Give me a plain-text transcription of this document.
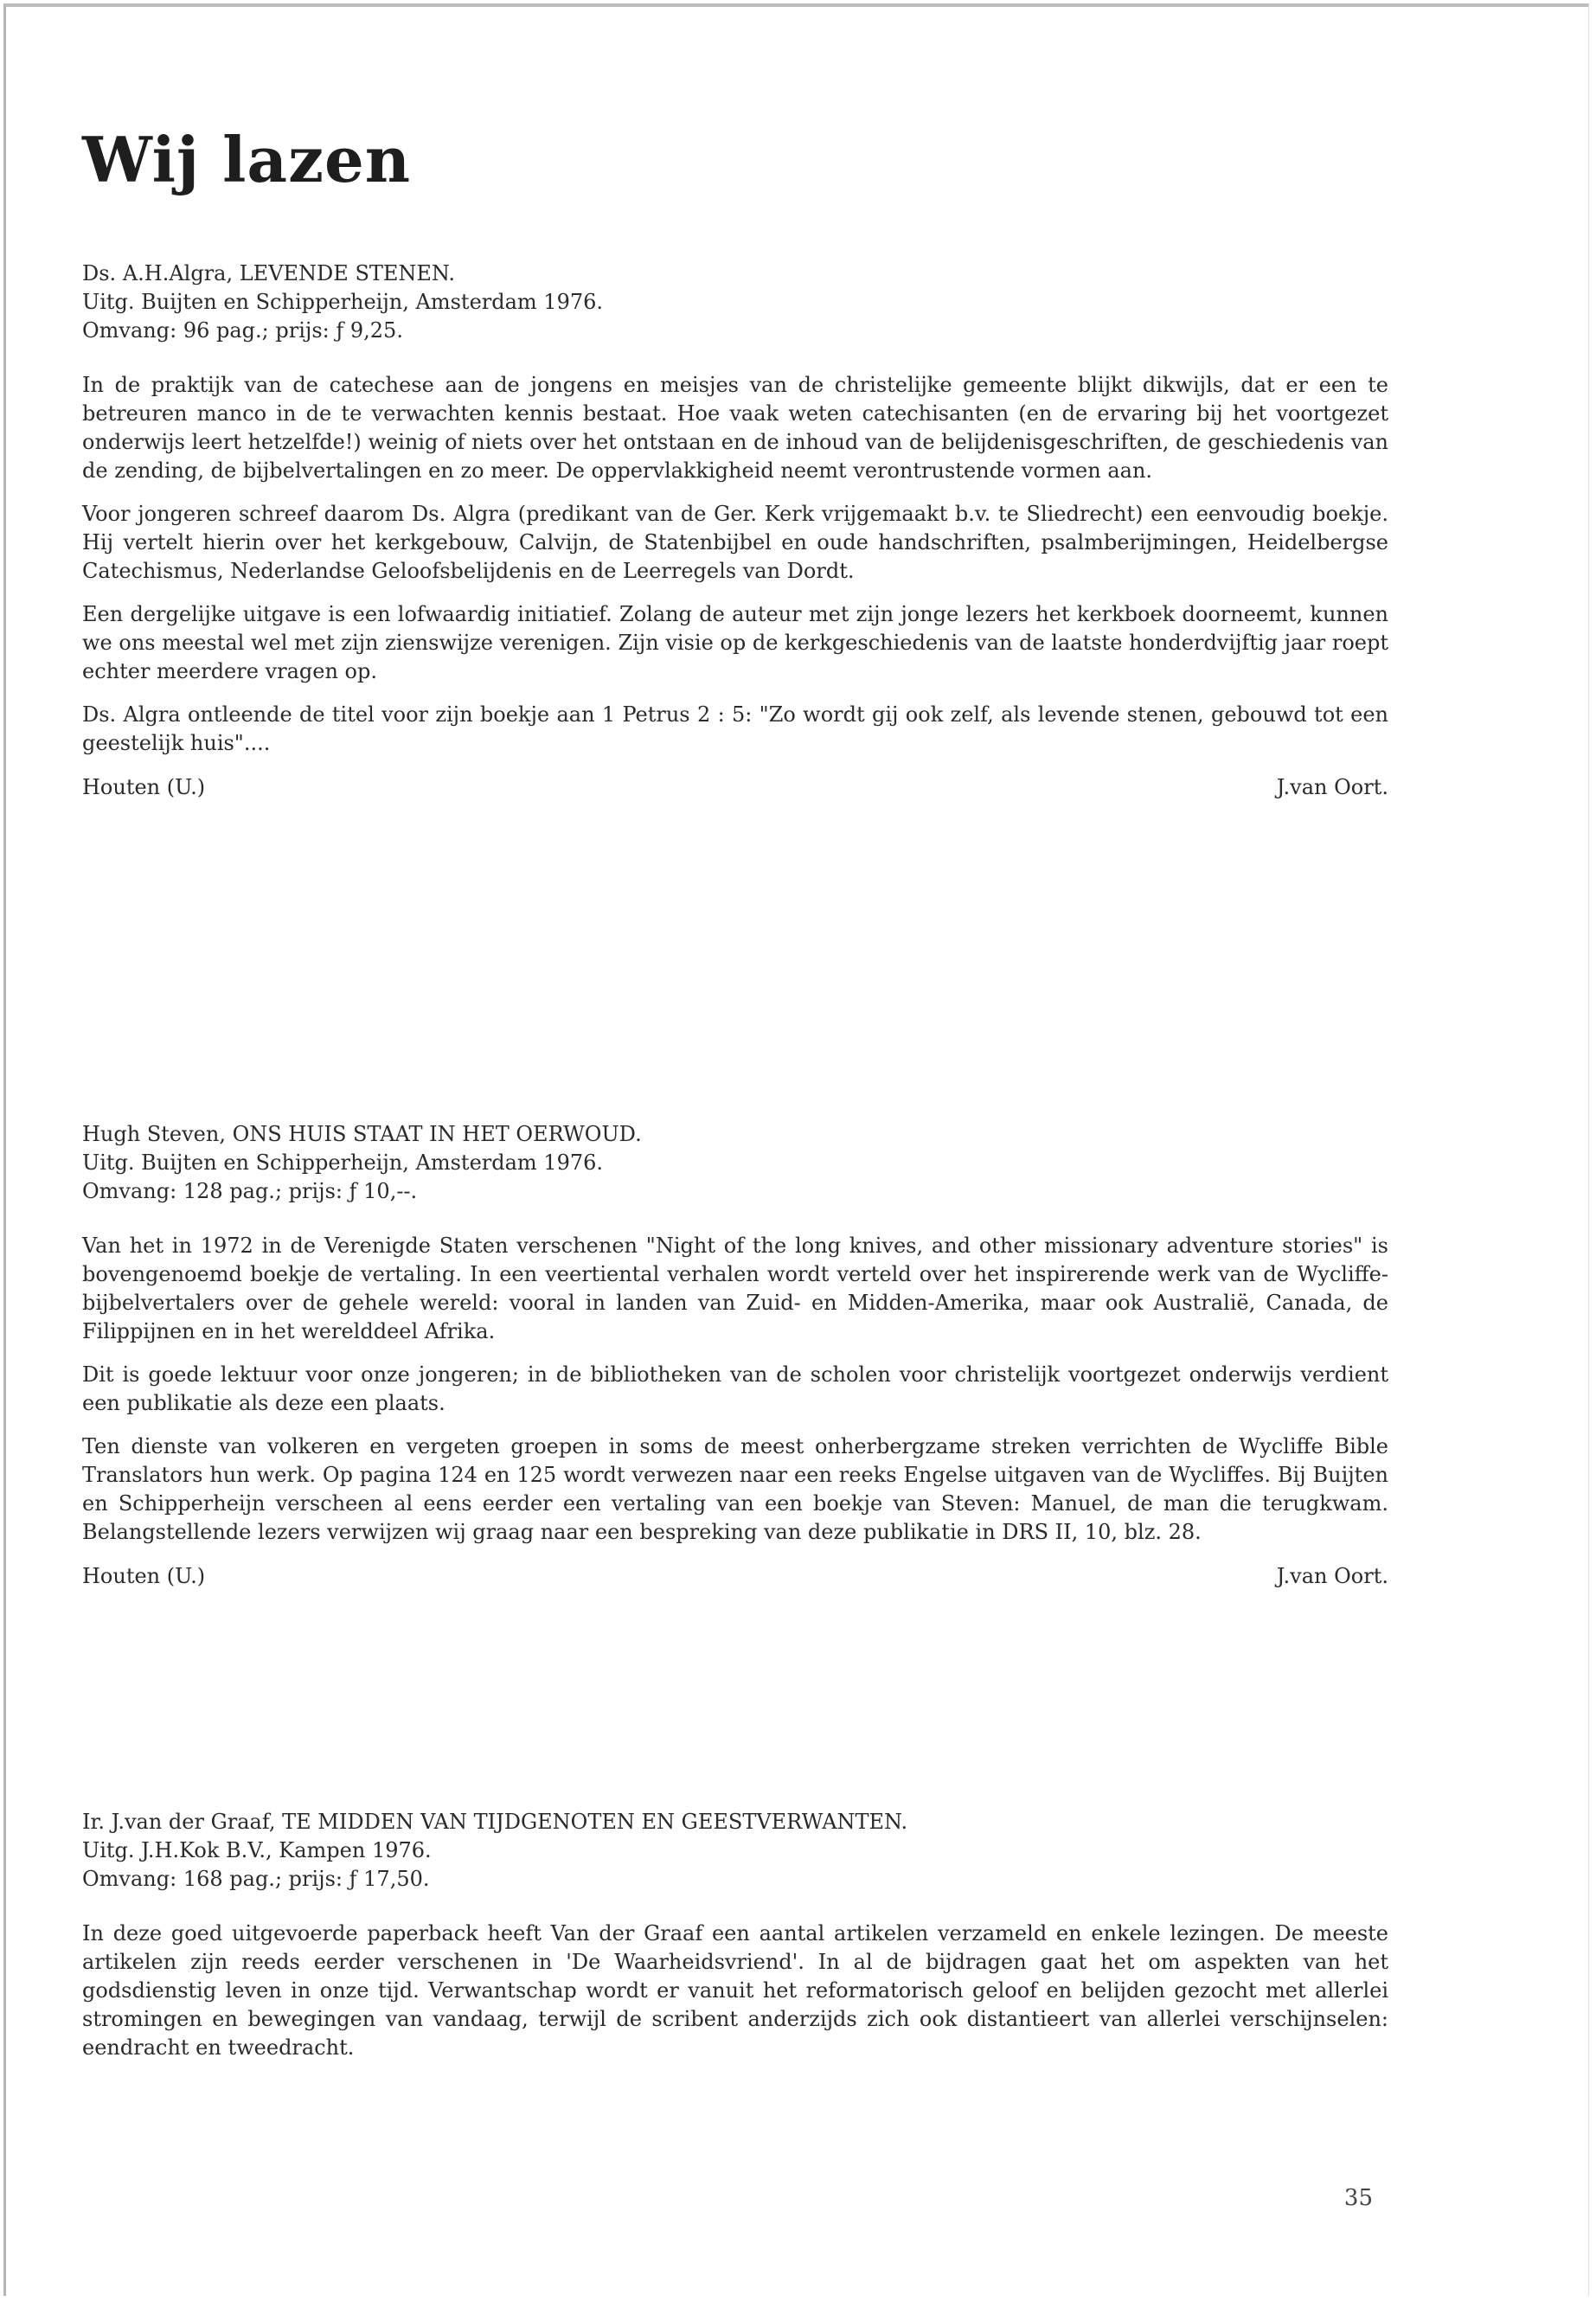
Wij lazen

Ds. A.H.Algra, LEVENDE STENEN.

Uitg. Buijten en Schipperheijn, Amsterdam 1976.

Omvang: 96 pag.; prijs: ƒ 9,25.

In de praktijk van de catechese aan de jongens en meisjes van de christelijke gemeente blijkt dikwijls, dat er een te betreuren manco in de te verwachten kennis bestaat. Hoe vaak weten catechisanten (en de ervaring bij het voortgezet onderwijs leert hetzelfde!) weinig of niets over het ontstaan en de inhoud van de belijdenisgeschriften, de geschiedenis van de zending, de bijbelvertalingen en zo meer. De oppervlakkigheid neemt verontrustende vormen aan.

Voor jongeren schreef daarom Ds. Algra (predikant van de Ger. Kerk vrijgemaakt b.v. te Sliedrecht) een eenvoudig boekje. Hij vertelt hierin over het kerkgebouw, Calvijn, de Statenbijbel en oude handschriften, psalmberijmingen, Heidelbergse Catechismus, Nederlandse Geloofsbelijdenis en de Leerregels van Dordt.

Een dergelijke uitgave is een lofwaardig initiatief. Zolang de auteur met zijn jonge lezers het kerkboek doorneemt, kunnen we ons meestal wel met zijn zienswijze verenigen. Zijn visie op de kerkgeschiedenis van de laatste honderdvijftig jaar roept echter meerdere vragen op.

Ds. Algra ontleende de titel voor zijn boekje aan 1 Petrus 2 : 5: "Zo wordt gij ook zelf, als levende stenen, gebouwd tot een geestelijk huis"....

Houten (U.)	J.van Oort.

Hugh Steven, ONS HUIS STAAT IN HET OERWOUD.

Uitg. Buijten en Schipperheijn, Amsterdam 1976.

Omvang: 128 pag.; prijs: ƒ 10,--.

Van het in 1972 in de Verenigde Staten verschenen "Night of the long knives, and other missionary adventure stories" is bovengenoemd boekje de vertaling. In een veertiental verhalen wordt verteld over het inspirerende werk van de Wycliffe-bijbelvertalers over de gehele wereld: vooral in landen van Zuid- en Midden-Amerika, maar ook Australië, Canada, de Filippijnen en in het werelddeel Afrika.

Dit is goede lektuur voor onze jongeren; in de bibliotheken van de scholen voor christelijk voortgezet onderwijs verdient een publikatie als deze een plaats.

Ten dienste van volkeren en vergeten groepen in soms de meest onherbergzame streken verrichten de Wycliffe Bible Translators hun werk. Op pagina 124 en 125 wordt verwezen naar een reeks Engelse uitgaven van de Wycliffes. Bij Buijten en Schipperheijn verscheen al eens eerder een vertaling van een boekje van Steven: Manuel, de man die terugkwam. Belangstellende lezers verwijzen wij graag naar een bespreking van deze publikatie in DRS II, 10, blz. 28.

Houten (U.)	J.van Oort.

Ir. J.van der Graaf, TE MIDDEN VAN TIJDGENOTEN EN GEESTVERWANTEN.

Uitg. J.H.Kok B.V., Kampen 1976.

Omvang: 168 pag.; prijs: ƒ 17,50.

In deze goed uitgevoerde paperback heeft Van der Graaf een aantal artikelen verzameld en enkele lezingen. De meeste artikelen zijn reeds eerder verschenen in 'De Waarheidsvriend'. In al de bijdragen gaat het om aspekten van het godsdienstig leven in onze tijd. Verwantschap wordt er vanuit het reformatorisch geloof en belijden gezocht met allerlei stromingen en bewegingen van vandaag, terwijl de scribent anderzijds zich ook distantieert van allerlei verschijnselen: eendracht en tweedracht.

35
